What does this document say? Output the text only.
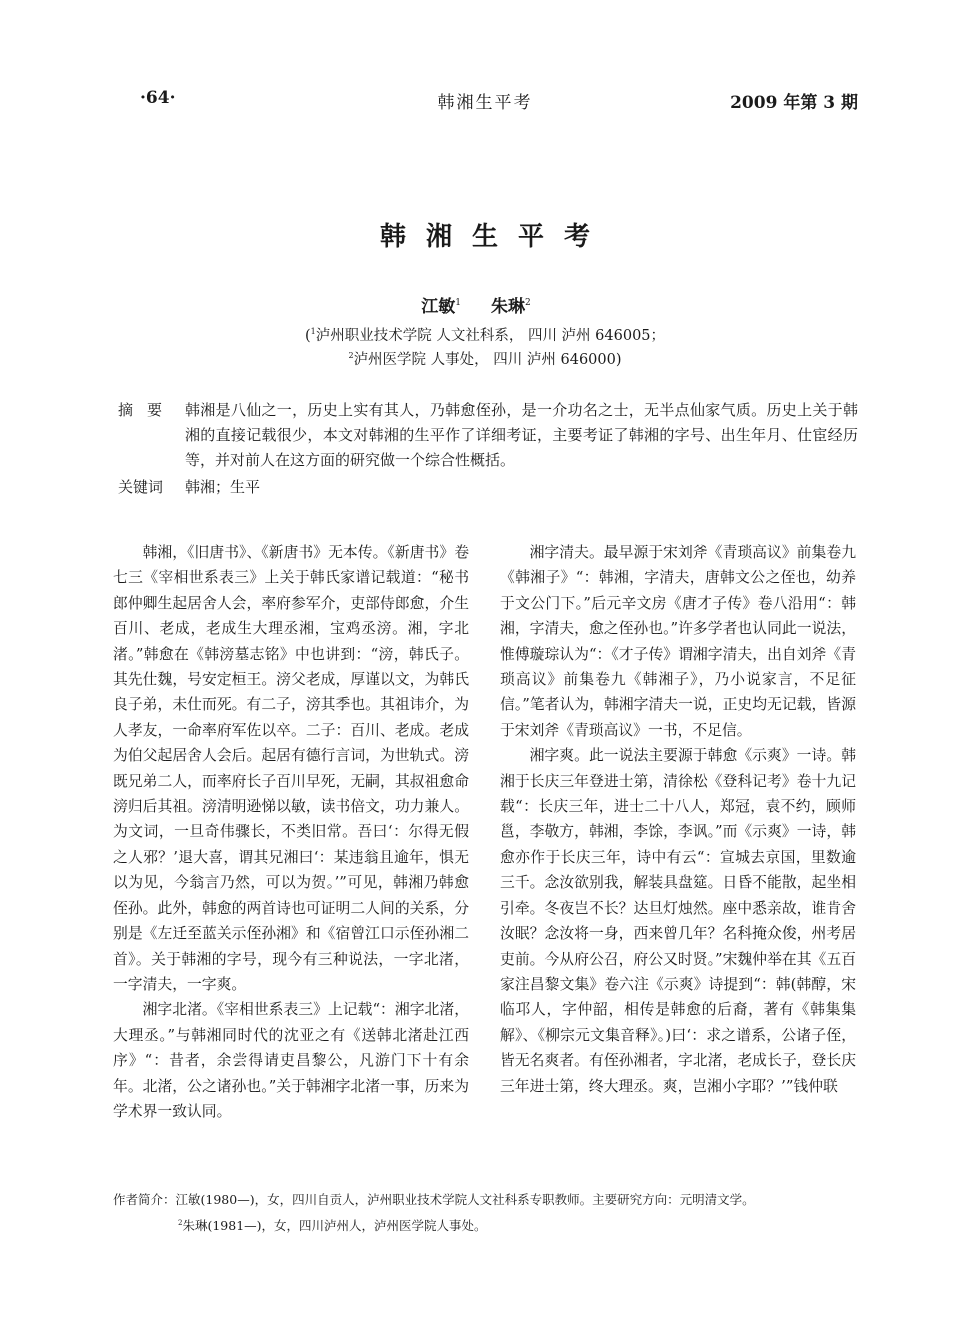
·64·	韩湘生平考	2009 年第 3 期
韩湘生平考
江敏$^1$ 朱琳$^2$
($^1$泸州职业技术学院 人文社科系， 四川 泸州 646005；
$^2$泸州医学院 人事处， 四川 泸州 646000)
摘要 韩湘是八仙之一，历史上实有其人，乃韩愈侄孙，是一介功名之士，无半点仙家气质。历史上关于韩湘的直接记载很少，本文对韩湘的生平作了详细考证，主要考证了韩湘的字号、出生年月、仕宦经历等，并对前人在这方面的研究做一个综合性概括。
关键词 韩湘；生平

韩湘，《旧唐书》、《新唐书》无本传。《新唐书》卷七三《宰相世系表三》上关于韩氏家谱记载道：“秘书郎仲卿生起居舍人会，率府参军介，吏部侍郎愈，介生百川、老成，老成生大理丞湘，宝鸡丞滂。湘，字北渚。”韩愈在《韩滂墓志铭》中也讲到：“滂，韩氏子。其先仕魏，号安定桓王。滂父老成，厚谨以文，为韩氏良子弟，未仕而死。有二子，滂其季也。其祖讳介，为人孝友，一命率府军佐以卒。二子：百川、老成。老成为伯父起居舍人会后。起居有德行言词，为世轨式。滂既兄弟二人，而率府长子百川早死，无嗣，其叔祖愈命滂归后其祖。滂清明逊悌以敏，读书倍文，功力兼人。为文词，一旦奇伟骤长，不类旧常。吾曰‘：尔得无假之人邪？’退大喜，谓其兄湘曰‘：某违翁且逾年，惧无以为见，今翁言乃然，可以为贺。’”可见，韩湘乃韩愈侄孙。此外，韩愈的两首诗也可证明二人间的关系，分别是《左迁至蓝关示侄孙湘》和《宿曾江口示侄孙湘二首》。关于韩湘的字号，现今有三种说法，一字北渚，一字清夫，一字爽。

湘字北渚。《宰相世系表三》上记载“：湘字北渚，大理丞。”与韩湘同时代的沈亚之有《送韩北渚赴江西序》“：昔者，余尝得请吏昌黎公，凡游门下十有余年。北渚，公之诸孙也。”关于韩湘字北渚一事，历来为学术界一致认同。

湘字清夫。最早源于宋刘斧《青琐高议》前集卷九《韩湘子》“：韩湘，字清夫，唐韩文公之侄也，幼养于文公门下。”后元辛文房《唐才子传》卷八沿用“：韩湘，字清夫，愈之侄孙也。”许多学者也认同此一说法，惟傅璇琮认为“：《才子传》谓湘字清夫，出自刘斧《青琐高议》前集卷九《韩湘子》，乃小说家言，不足征信。”笔者认为，韩湘字清夫一说，正史均无记载，皆源于宋刘斧《青琐高议》一书，不足信。

湘字爽。此一说法主要源于韩愈《示爽》一诗。韩湘于长庆三年登进士第，清徐松《登科记考》卷十九记载“：长庆三年，进士二十八人，郑冠，袁不约，顾师邕，李敬方，韩湘，李馀，李讽。”而《示爽》一诗，韩愈亦作于长庆三年，诗中有云“：宣城去京国，里数逾三千。念汝欲别我，解装具盘筵。日昏不能散，起坐相引牵。冬夜岂不长？达旦灯烛然。座中悉亲故，谁肯舍汝眠？念汝将一身，西来曾几年？名科掩众俊，州考居吏前。今从府公召，府公又时贤。”宋魏仲举在其《五百家注昌黎文集》卷六注《示爽》诗提到“：韩(韩醇，宋临邛人，字仲韶，相传是韩愈的后裔，著有《韩集集解》、《柳宗元文集音释》。)曰‘：求之谱系，公诸子侄，皆无名爽者。有侄孙湘者，字北渚，老成长子，登长庆三年进士第，终大理丞。爽，岂湘小字耶？’”钱仲联

作者简介：江敏(1980—)，女，四川自贡人，泸州职业技术学院人文社科系专职教师。主要研究方向：元明清文学。
$^2$朱琳(1981—)，女，四川泸州人，泸州医学院人事处。
